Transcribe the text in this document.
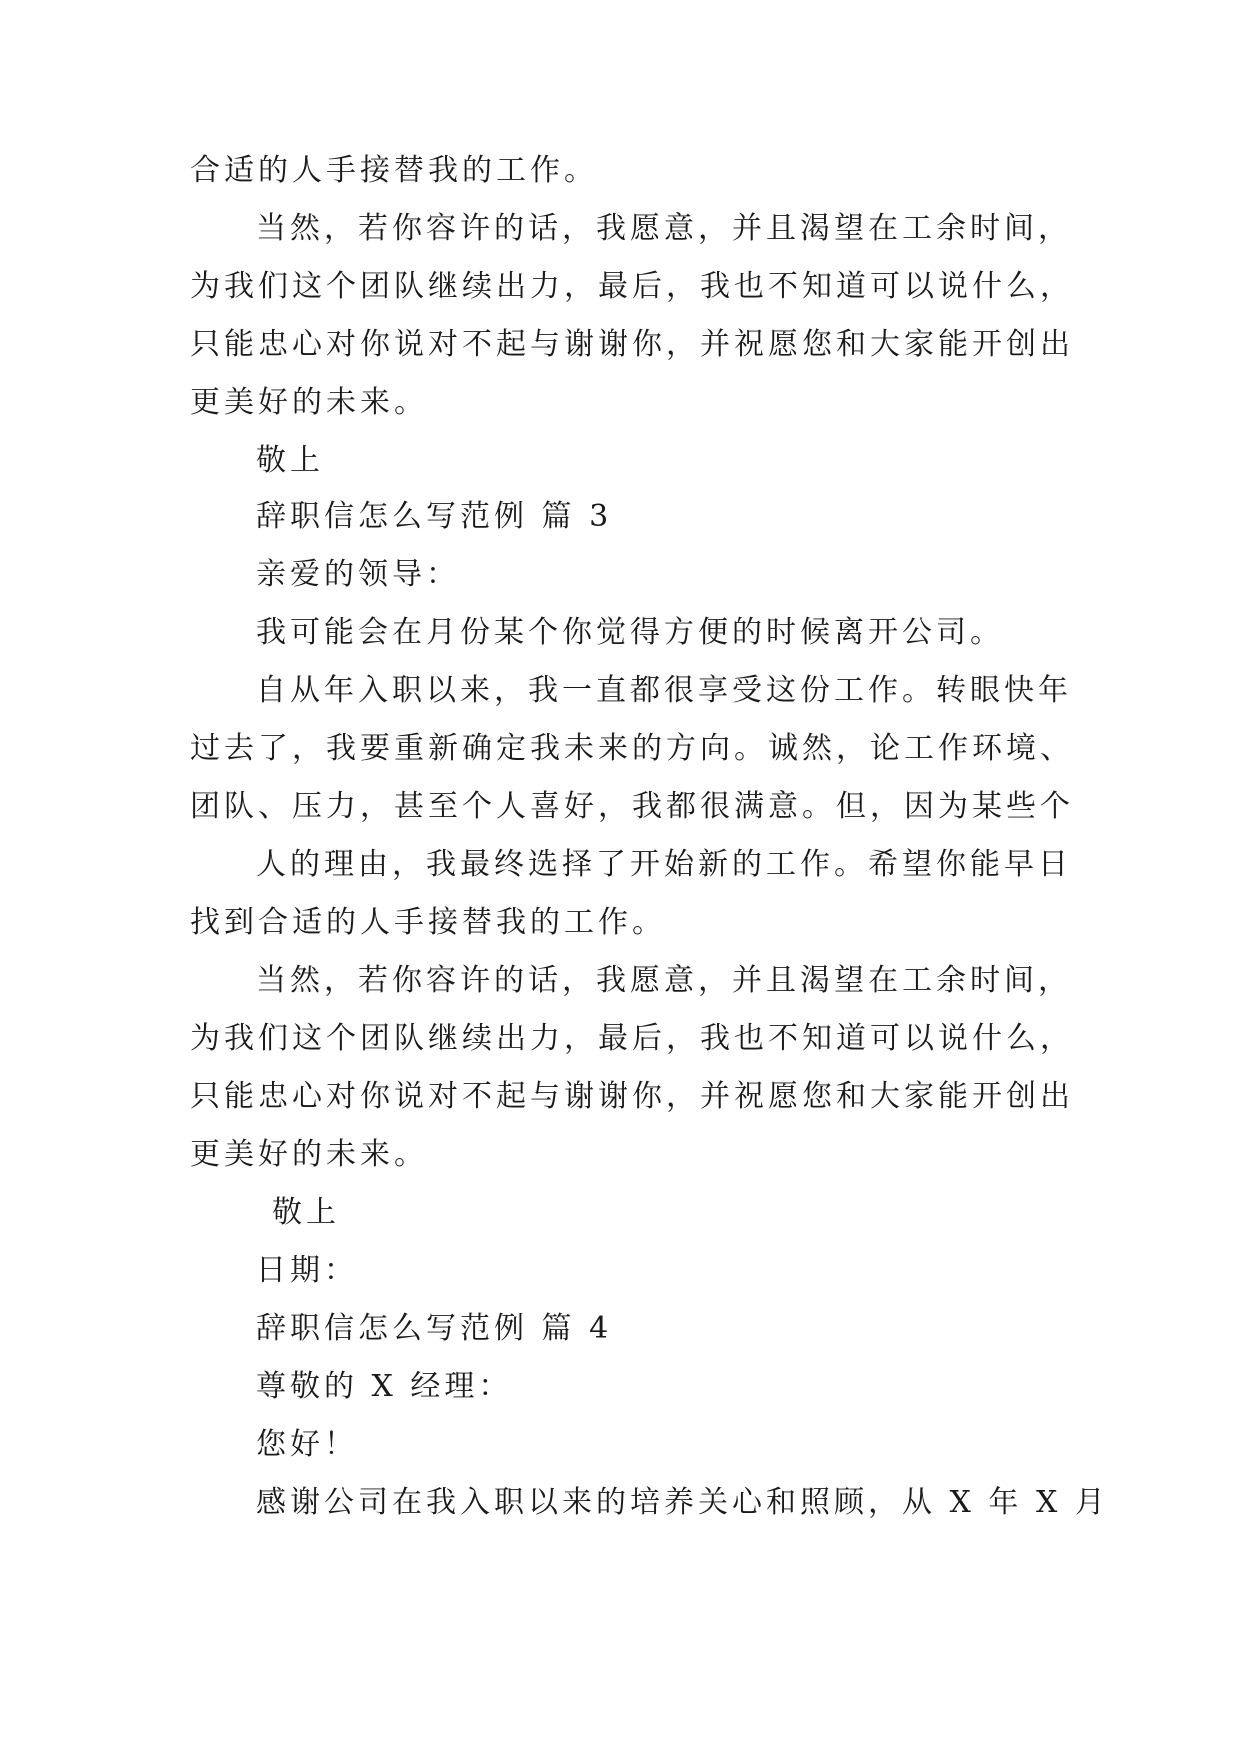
合适的人手接替我的工作。
当然，若你容许的话，我愿意，并且渴望在工余时间，
为我们这个团队继续出力，最后，我也不知道可以说什么，
只能忠心对你说对不起与谢谢你，并祝愿您和大家能开创出
更美好的未来。
敬上
辞职信怎么写范例 篇 3
亲爱的领导：
我可能会在月份某个你觉得方便的时候离开公司。
自从年入职以来，我一直都很享受这份工作。转眼快年
过去了，我要重新确定我未来的方向。诚然，论工作环境、
团队、压力，甚至个人喜好，我都很满意。但，因为某些个
人的理由，我最终选择了开始新的工作。希望你能早日
找到合适的人手接替我的工作。
当然，若你容许的话，我愿意，并且渴望在工余时间，
为我们这个团队继续出力，最后，我也不知道可以说什么，
只能忠心对你说对不起与谢谢你，并祝愿您和大家能开创出
更美好的未来。
敬上
日期：
辞职信怎么写范例 篇 4
尊敬的 X 经理：
您好！
感谢公司在我入职以来的培养关心和照顾，从 X 年 X 月
